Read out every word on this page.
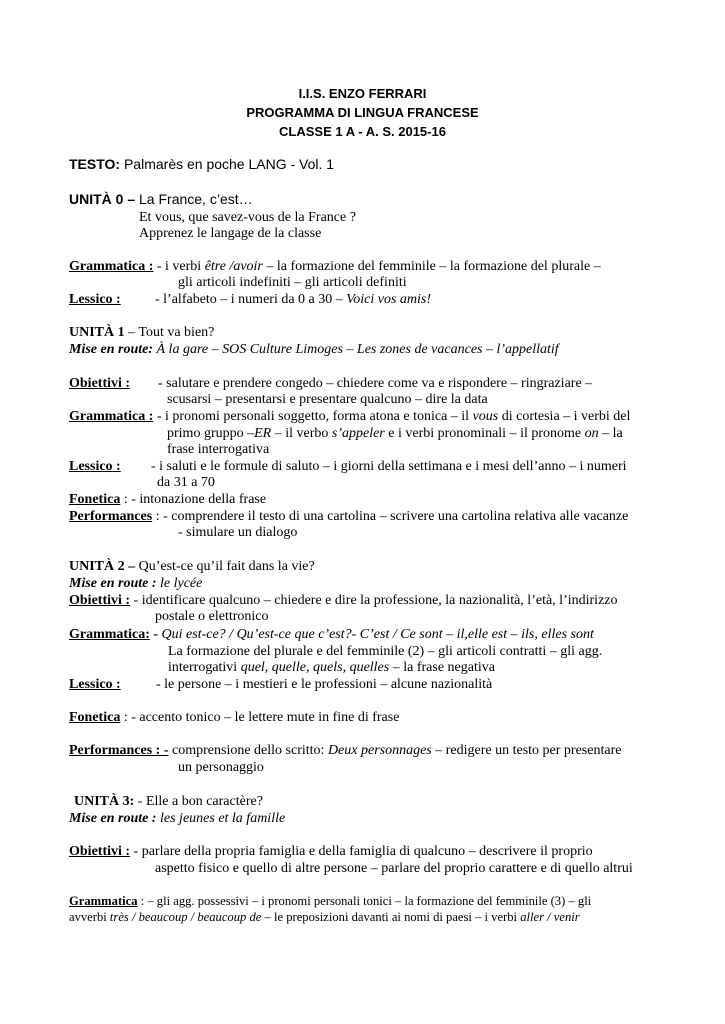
I.I.S. ENZO FERRARI
PROGRAMMA DI LINGUA FRANCESE
CLASSE 1 A - A. S. 2015-16
TESTO: Palmarès en poche LANG - Vol. 1
UNITÀ 0 – La France, c’est…
Et vous, que savez-vous de la France ?
Apprenez le langage de la classe
Grammatica : - i verbi être /avoir – la formazione del femminile – la formazione del plurale –
gli articoli indefiniti – gli articoli definiti
Lessico : - l’alfabeto – i numeri da 0 a 30 – Voici vos amis!
UNITÀ 1 – Tout va bien?
Mise en route: À la gare – SOS Culture Limoges – Les zones de vacances – l’appellatif
Obiettivi : - salutare e prendere congedo – chiedere come va e rispondere – ringraziare –
scusarsi – presentarsi e presentare qualcuno – dire la data
Grammatica : - i pronomi personali soggetto, forma atona e tonica – il vous di cortesia – i verbi del
primo gruppo –ER – il verbo s’appeler e i verbi pronominali – il pronome on – la
frase interrogativa
Lessico : - i saluti e le formule di saluto – i giorni della settimana e i mesi dell’anno – i numeri
da 31 a 70
Fonetica : - intonazione della frase
Performances : - comprendere il testo di una cartolina – scrivere una cartolina relativa alle vacanze
- simulare un dialogo
UNITÀ 2 – Qu’est-ce qu’il fait dans la vie?
Mise en route : le lycée
Obiettivi : - identificare qualcuno – chiedere e dire la professione, la nazionalità, l’età, l’indirizzo
postale o elettronico
Grammatica: - Qui est-ce? / Qu’est-ce que c’est?- C’est / Ce sont – il,elle est – ils, elles sont
La formazione del plurale e del femminile (2) – gli articoli contratti – gli agg.
interrogativi quel, quelle, quels, quelles – la frase negativa
Lessico :	- le persone – i mestieri e le professioni – alcune nazionalità
Fonetica : - accento tonico – le lettere mute in fine di frase
Performances : - comprensione dello scritto: Deux personnages – redigere un testo per presentare
un personaggio
UNITÀ 3: - Elle a bon caractère?
Mise en route : les jeunes et la famille
Obiettivi : - parlare della propria famiglia e della famiglia di qualcuno – descrivere il proprio
aspetto fisico e quello di altre persone – parlare del proprio carattere e di quello altrui
Grammatica : – gli agg. possessivi – i pronomi personali tonici – la formazione del femminile (3) – gli
avverbi très / beaucoup / beaucoup de – le preposizioni davanti ai nomi di paesi – i verbi aller / venir
